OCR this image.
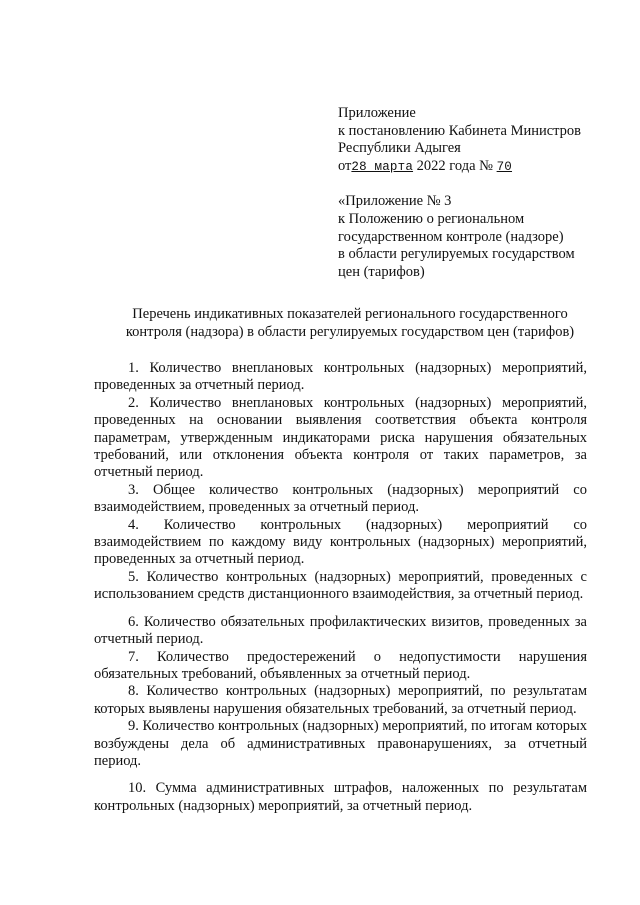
Приложение
к постановлению Кабинета Министров
Республики Адыгея
от28 марта 2022 года № 70
«Приложение № 3
к Положению о региональном
государственном контроле (надзоре)
в области регулируемых государством
цен (тарифов)
Перечень индикативных показателей регионального государственного
контроля (надзора) в области регулируемых государством цен (тарифов)

1. Количество внеплановых контрольных (надзорных) мероприятий, проведенных за отчетный период.

2. Количество внеплановых контрольных (надзорных) мероприятий, проведенных на основании выявления соответствия объекта контроля параметрам, утвержденным индикаторами риска нарушения обязательных требований, или отклонения объекта контроля от таких параметров, за отчетный период.

3. Общее количество контрольных (надзорных) мероприятий со взаимодействием, проведенных за отчетный период.

4. Количество контрольных (надзорных) мероприятий со взаимодействием по каждому виду контрольных (надзорных) мероприятий, проведенных за отчетный период.

5. Количество контрольных (надзорных) мероприятий, проведенных с использованием средств дистанционного взаимодействия, за отчетный период.

6. Количество обязательных профилактических визитов, проведенных за отчетный период.

7. Количество предостережений о недопустимости нарушения обязательных требований, объявленных за отчетный период.

8. Количество контрольных (надзорных) мероприятий, по результатам которых выявлены нарушения обязательных требований, за отчетный период.

9. Количество контрольных (надзорных) мероприятий, по итогам которых возбуждены дела об административных правонарушениях, за отчетный период.

10. Сумма административных штрафов, наложенных по результатам контрольных (надзорных) мероприятий, за отчетный период.
